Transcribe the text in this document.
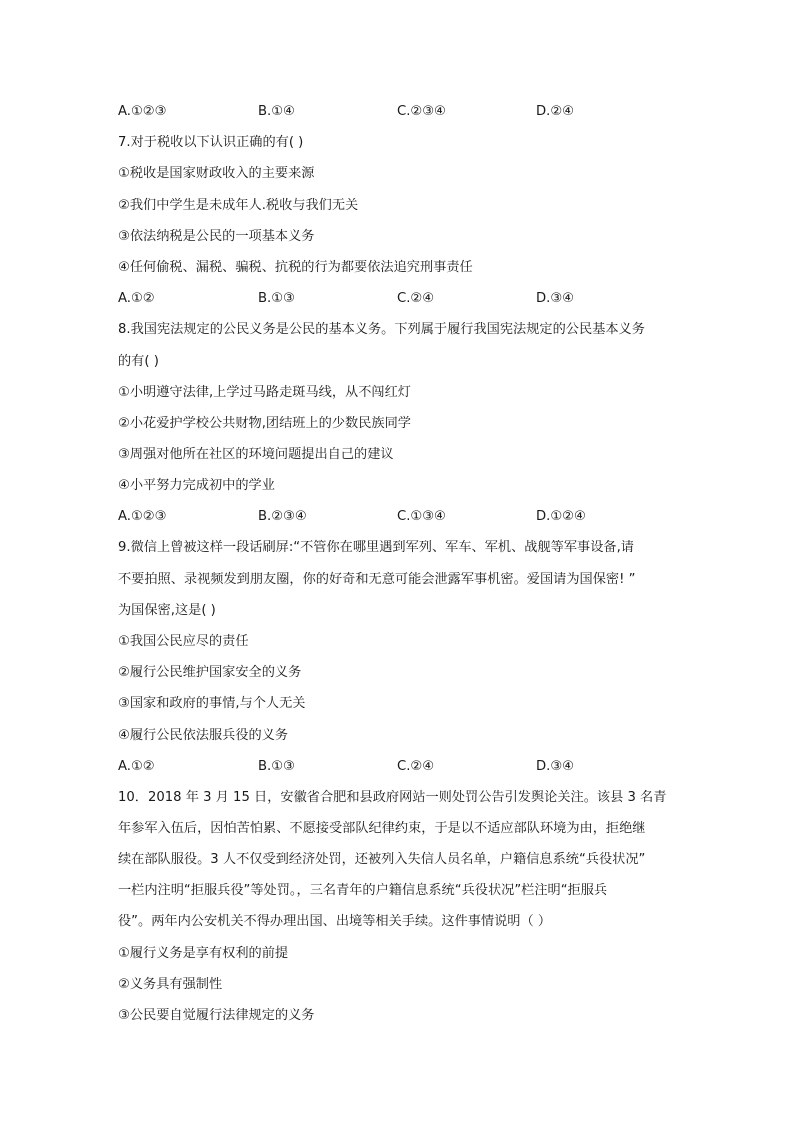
A.①②③	B.①④	C.②③④	D.②④
7.对于税收以下认识正确的有( )
①税收是国家财政收入的主要来源
②我们中学生是未成年人.税收与我们无关
③依法纳税是公民的一项基本义务
④任何偷税、漏税、骗税、抗税的行为都要依法追究刑事责任
A.①②	B.①③	C.②④	D.③④
8.我国宪法规定的公民义务是公民的基本义务。下列属于履行我国宪法规定的公民基本义务
的有( )
①小明遵守法律,上学过马路走斑马线，从不闯红灯
②小花爱护学校公共财物,团结班上的少数民族同学
③周强对他所在社区的环境问题提出自己的建议
④小平努力完成初中的学业
A.①②③	B.②③④	C.①③④	D.①②④
9.微信上曾被这样一段话刷屏:“不管你在哪里遇到军列、军车、军机、战舰等军事设备,请
不要拍照、录视频发到朋友圈，你的好奇和无意可能会泄露军事机密。爱国请为国保密! ”
为国保密,这是( )
①我国公民应尽的责任
②履行公民维护国家安全的义务
③国家和政府的事情,与个人无关
④履行公民依法服兵役的义务
A.①②	B.①③	C.②④	D.③④
10．2018 年 3 月 15 日，安徽省合肥和县政府网站一则处罚公告引发舆论关注。该县 3 名青
年参军入伍后，因怕苦怕累、不愿接受部队纪律约束，于是以不适应部队环境为由，拒绝继
续在部队服役。3 人不仅受到经济处罚，还被列入失信人员名单，户籍信息系统“兵役状况”
一栏内注明“拒服兵役”等处罚。，三名青年的户籍信息系统“兵役状况”栏注明“拒服兵
役”。两年内公安机关不得办理出国、出境等相关手续。这件事情说明（ ）
①履行义务是享有权利的前提
②义务具有强制性
③公民要自觉履行法律规定的义务
